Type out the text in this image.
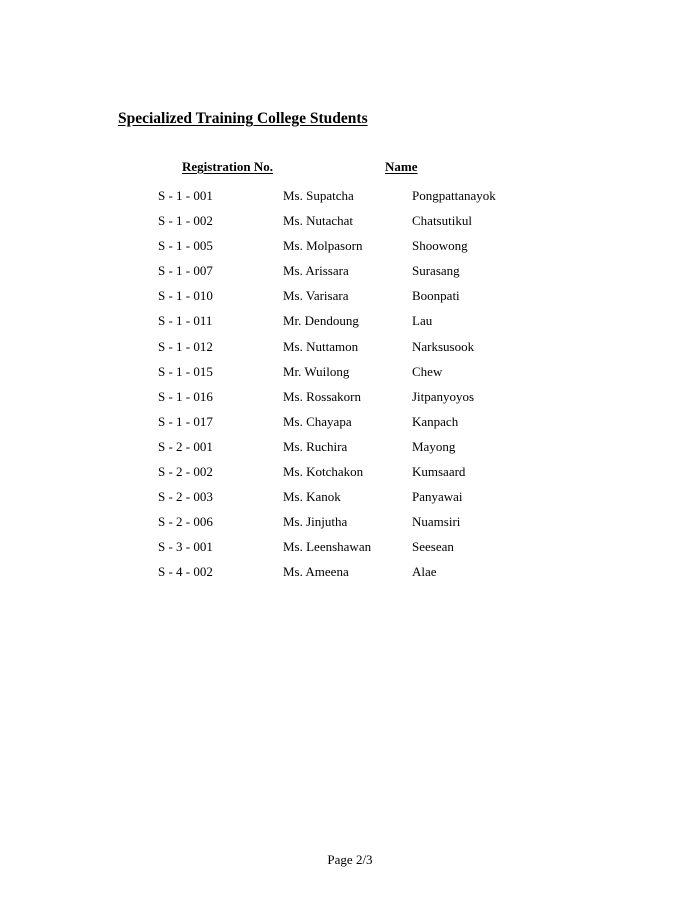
Specialized Training College Students
Registration No.	Name
S - 1 - 001	Ms. Supatcha	Pongpattanayok
S - 1 - 002	Ms. Nutachat	Chatsutikul
S - 1 - 005	Ms. Molpasorn	Shoowong
S - 1 - 007	Ms. Arissara	Surasang
S - 1 - 010	Ms. Varisara	Boonpati
S - 1 - 011	Mr. Dendoung	Lau
S - 1 - 012	Ms. Nuttamon	Narksusook
S - 1 - 015	Mr. Wuilong	Chew
S - 1 - 016	Ms. Rossakorn	Jitpanyoyos
S - 1 - 017	Ms. Chayapa	Kanpach
S - 2 - 001	Ms. Ruchira	Mayong
S - 2 - 002	Ms. Kotchakon	Kumsaard
S - 2 - 003	Ms. Kanok	Panyawai
S - 2 - 006	Ms. Jinjutha	Nuamsiri
S - 3 - 001	Ms. Leenshawan	Seesean
S - 4 - 002	Ms. Ameena	Alae
Page 2/3
